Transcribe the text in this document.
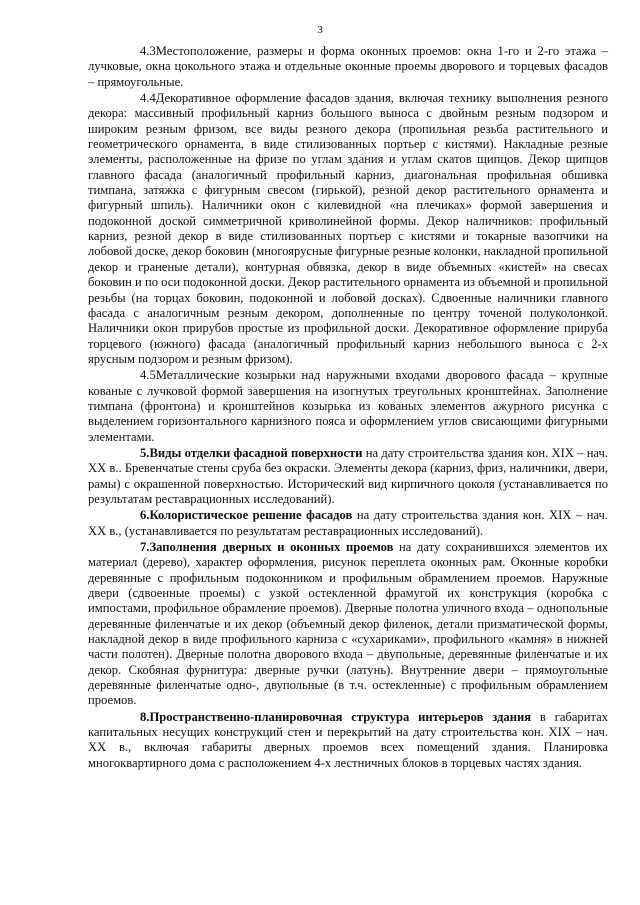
3

4.3Местоположение, размеры и форма оконных проемов: окна 1-го и 2-го этажа – лучковые, окна цокольного этажа и отдельные оконные проемы дворового и торцевых фасадов – прямоугольные.

4.4Декоративное оформление фасадов здания, включая технику выполнения резного декора: массивный профильный карниз большого выноса с двойным резным подзором и широким резным фризом, все виды резного декора (пропильная резьба растительного и геометрического орнамента, в виде стилизованных портьер с кистями). Накладные резные элементы, расположенные на фризе по углам здания и углам скатов щипцов. Декор щипцов главного фасада (аналогичный профильный карниз, диагональная профильная обшивка тимпана, затяжка с фигурным свесом (гирькой), резной декор растительного орнамента и фигурный шпиль). Наличники окон с килевидной «на плечиках» формой завершения и подоконной доской симметричной криволинейной формы. Декор наличников: профильный карниз, резной декор в виде стилизованных портьер с кистями и токарные вазопчики на лобовой доске, декор боковин (многоярусные фигурные резные колонки, накладной пропильной декор и граненые детали), контурная обвязка, декор в виде объемных «кистей» на свесах боковин и по оси подоконной доски. Декор растительного орнамента из объемной и пропильной резьбы (на торцах боковин, подоконной и лобовой досках). Сдвоенные наличники главного фасада с аналогичным резным декором, дополненные по центру точеной полуколонкой. Наличники окон прирубов простые из профильной доски. Декоративное оформление прируба торцевого (южного) фасада (аналогичный профильный карниз небольшого выноса с 2-х ярусным подзором и резным фризом).

4.5Металлические козырьки над наружными входами дворового фасада – крупные кованые с лучковой формой завершения на изогнутых треугольных кронштейнах. Заполнение тимпана (фронтона) и кронштейнов козырька из кованых элементов ажурного рисунка с выделением горизонтального карнизного пояса и оформлением углов свисающими фигурными элементами.

5.Виды отделки фасадной поверхности на дату строительства здания кон. XIX – нач. XX в.. Бревенчатые стены сруба без окраски. Элементы декора (карниз, фриз, наличники, двери, рамы) с окрашенной поверхностью. Исторический вид кирпичного цоколя (устанавливается по результатам реставрационных исследований).

6.Колористическое решение фасадов на дату строительства здания кон. XIX – нач. XX в., (устанавливается по результатам реставрационных исследований).

7.Заполнения дверных и оконных проемов на дату сохранившихся элементов их материал (дерево), характер оформления, рисунок переплета оконных рам. Оконные коробки деревянные с профильным подоконником и профильным обрамлением проемов. Наружные двери (сдвоенные проемы) с узкой остекленной фрамугой их конструкция (коробка с импостами, профильное обрамление проемов). Дверные полотна уличного входа – однопольные деревянные филенчатые и их декор (объемный декор филенок, детали призматической формы, накладной декор в виде профильного карниза с «сухариками», профильного «камня» в нижней части полотен). Дверные полотна дворового входа – двупольные, деревянные филенчатые и их декор. Скобяная фурнитура: дверные ручки (латунь). Внутренние двери – прямоугольные деревянные филенчатые одно-, двупольные (в т.ч. остекленные) с профильным обрамлением проемов.

8.Пространственно-планировочная структура интерьеров здания в габаритах капитальных несущих конструкций стен и перекрытий на дату строительства кон. XIX – нач. XX в., включая габариты дверных проемов всех помещений здания. Планировка многоквартирного дома с расположением 4-х лестничных блоков в торцевых частях здания.
